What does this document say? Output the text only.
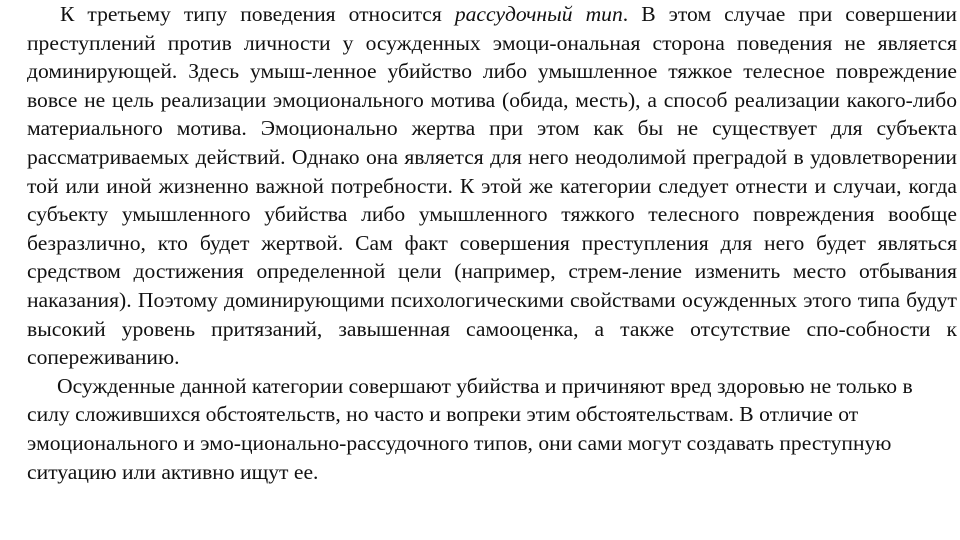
К третьему типу поведения относится рассудочный тип. В этом случае при совершении преступлений против личности у осужденных эмоци-ональная сторона поведения не является доминирующей. Здесь умыш-ленное убийство либо умышленное тяжкое телесное повреждение вовсе не цель реализации эмоционального мотива (обида, месть), а способ реализации какого-либо материального мотива. Эмоционально жертва при этом как бы не существует для субъекта рассматриваемых действий. Однако она является для него неодолимой преградой в удовлетворении той или иной жизненно важной потребности. К этой же категории следует отнести и случаи, когда субъекту умышленного убийства либо умышленного тяжкого телесного повреждения вообще безразлично, кто будет жертвой. Сам факт совершения преступления для него будет являться средством достижения определенной цели (например, стрем-ление изменить место отбывания наказания). Поэтому доминирующими психологическими свойствами осужденных этого типа будут высокий уровень притязаний, завышенная самооценка, а также отсутствие спо-собности к сопереживанию.

Осужденные данной категории совершают убийства и причиняют вред здоровью не только в силу сложившихся обстоятельств, но часто и вопреки этим обстоятельствам. В отличие от эмоционального и эмо-ционально-рассудочного типов, они сами могут создавать преступную ситуацию или активно ищут ее.
